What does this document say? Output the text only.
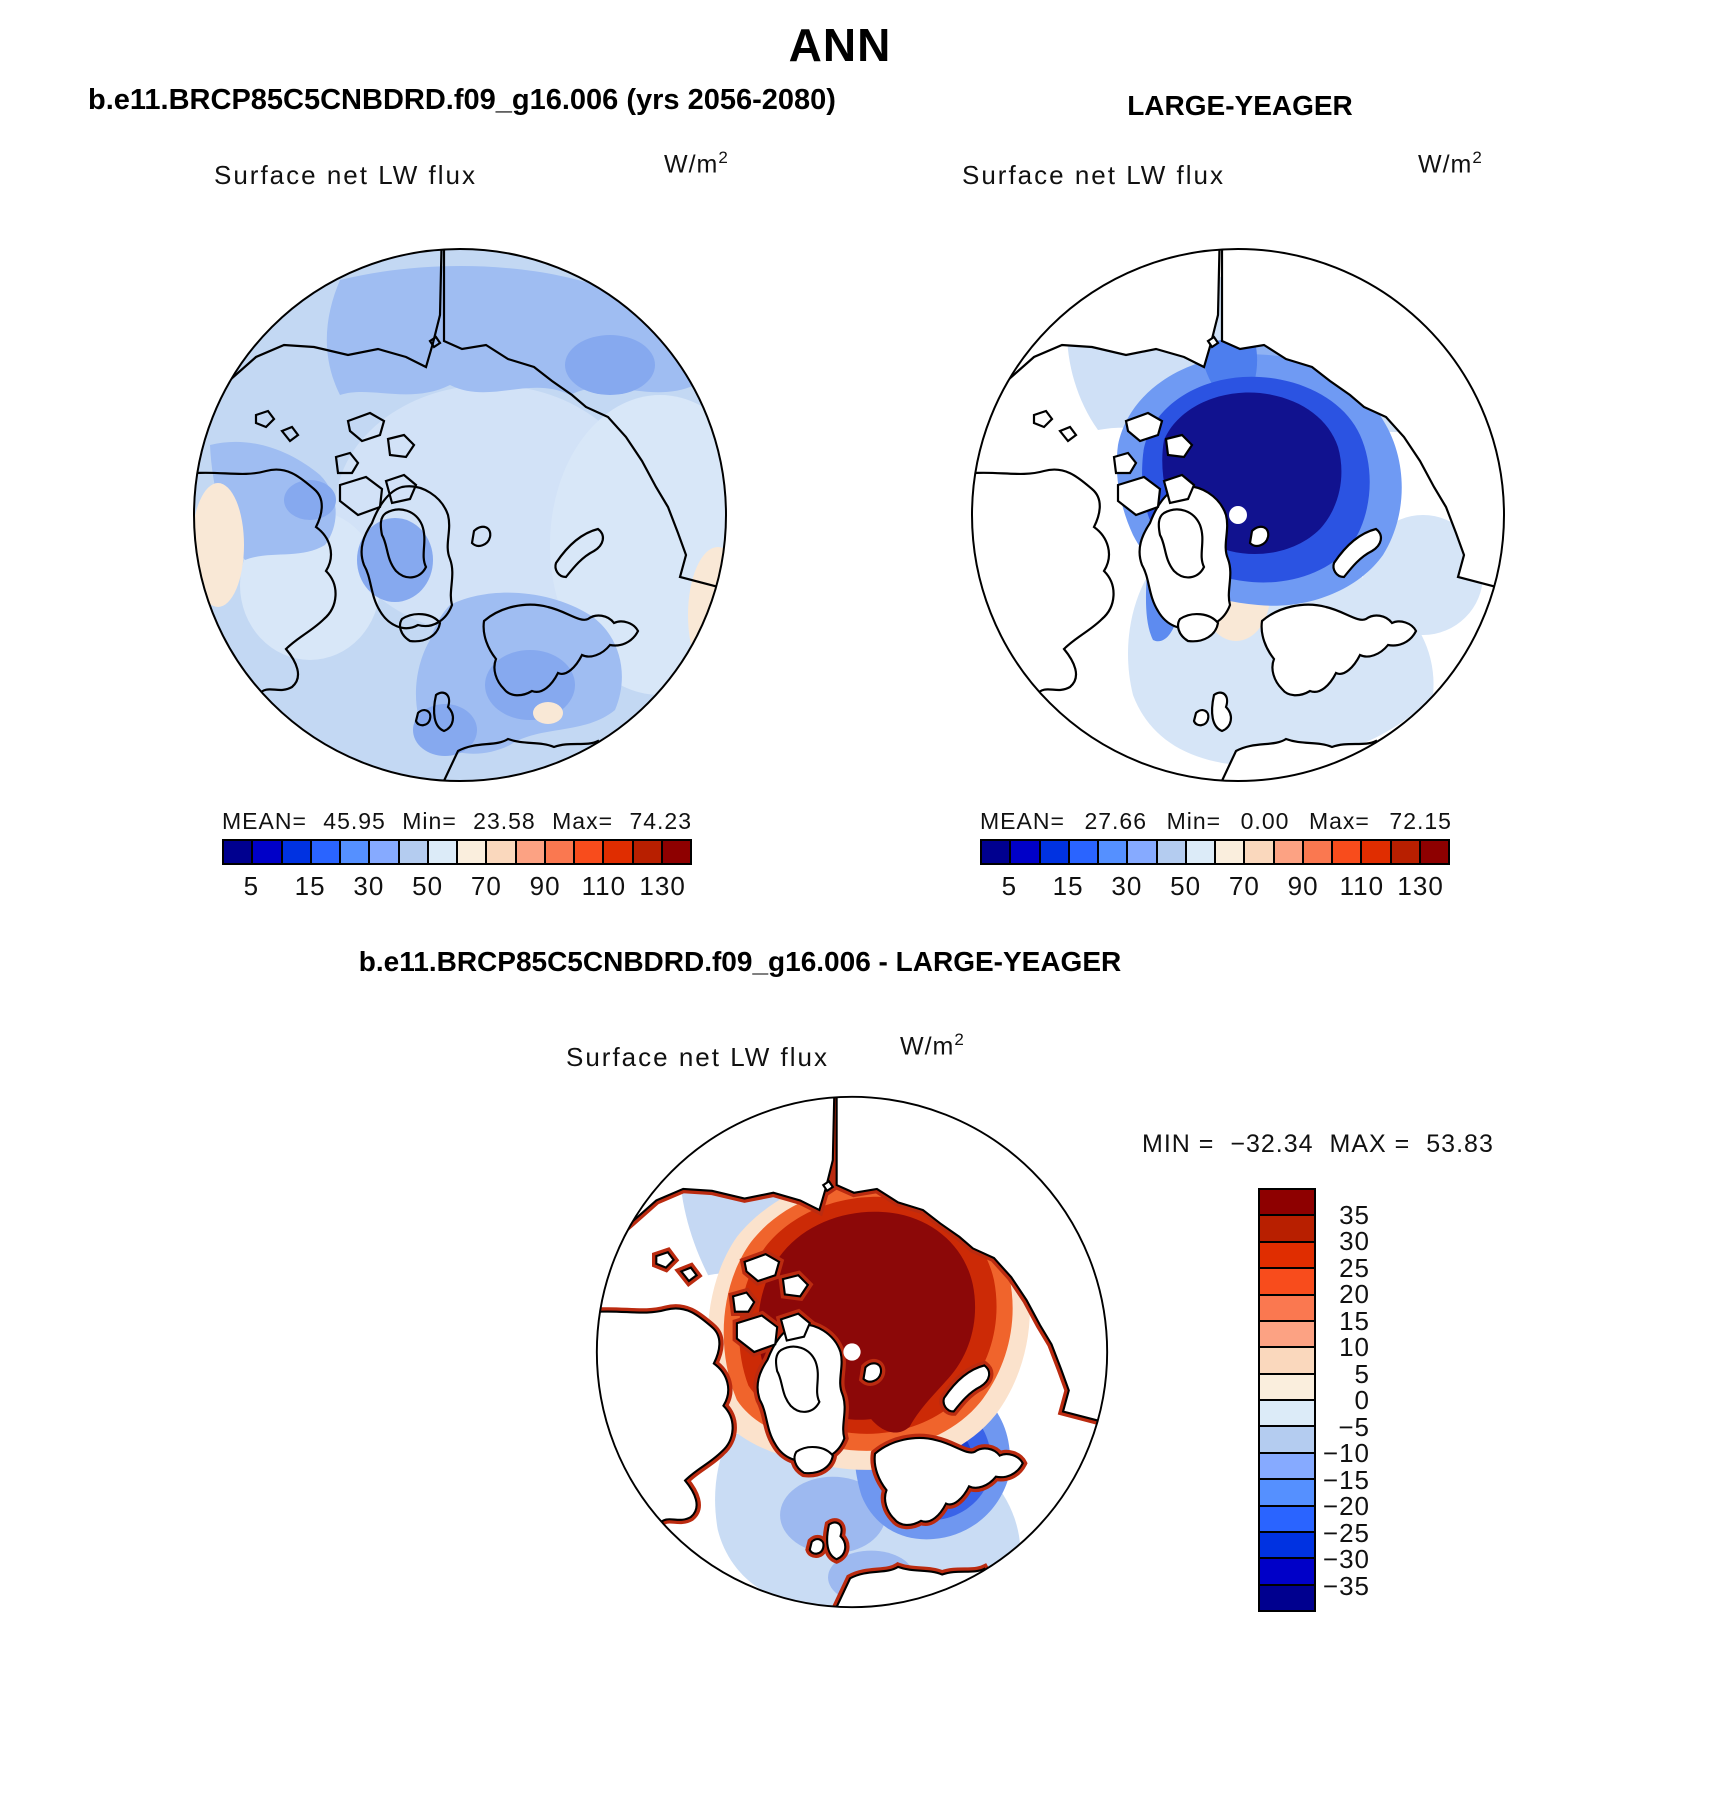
ANN
b.e11.BRCP85C5CNBDRD.f09_g16.006 (yrs 2056-2080)	LARGE-YEAGER
Surface net LW flux	$W/m^2$
MEAN= 45.95 Min= 23.58 Max= 74.23
5 15 30 50 70 90 110 130
Surface net LW flux	$W/m^2$
MEAN= 27.66 Min= 0.00 Max= 72.15
5 15 30 50 70 90 110 130
b.e11.BRCP85C5CNBDRD.f09_g16.006 - LARGE-YEAGER
Surface net LW flux	$W/m^2$
MIN = −32.34 MAX = 53.83
35
30
25
20
15
10
5
0
−5
−10
−15
−20
−25
−30
−35
